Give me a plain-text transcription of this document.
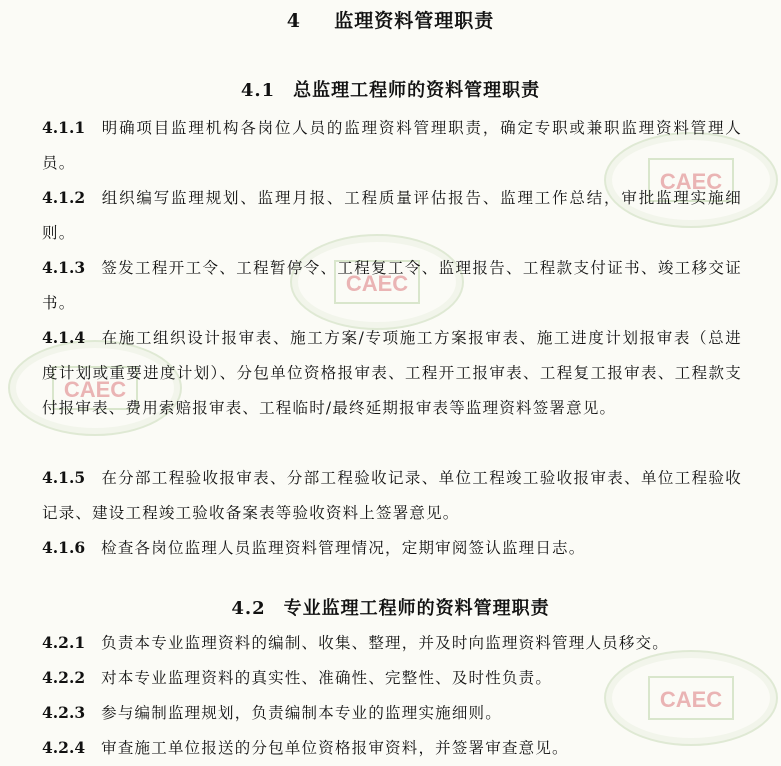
CAEC
CAEC
CAEC
CAEC
4 监理资料管理职责
4.1 总监理工程师的资料管理职责
4.1.1 明确项目监理机构各岗位人员的监理资料管理职责，确定专职或兼职监理资料管理人员。
4.1.2 组织编写监理规划、监理月报、工程质量评估报告、监理工作总结，审批监理实施细则。
4.1.3 签发工程开工令、工程暂停令、工程复工令、监理报告、工程款支付证书、竣工移交证书。
4.1.4 在施工组织设计报审表、施工方案/专项施工方案报审表、施工进度计划报审表（总进度计划或重要进度计划）、分包单位资格报审表、工程开工报审表、工程复工报审表、工程款支付报审表、费用索赔报审表、工程临时/最终延期报审表等监理资料签署意见。
4.1.5 在分部工程验收报审表、分部工程验收记录、单位工程竣工验收报审表、单位工程验收记录、建设工程竣工验收备案表等验收资料上签署意见。
4.1.6 检查各岗位监理人员监理资料管理情况，定期审阅签认监理日志。
4.2 专业监理工程师的资料管理职责
4.2.1 负责本专业监理资料的编制、收集、整理，并及时向监理资料管理人员移交。
4.2.2 对本专业监理资料的真实性、准确性、完整性、及时性负责。
4.2.3 参与编制监理规划，负责编制本专业的监理实施细则。
4.2.4 审查施工单位报送的分包单位资格报审资料，并签署审查意见。
